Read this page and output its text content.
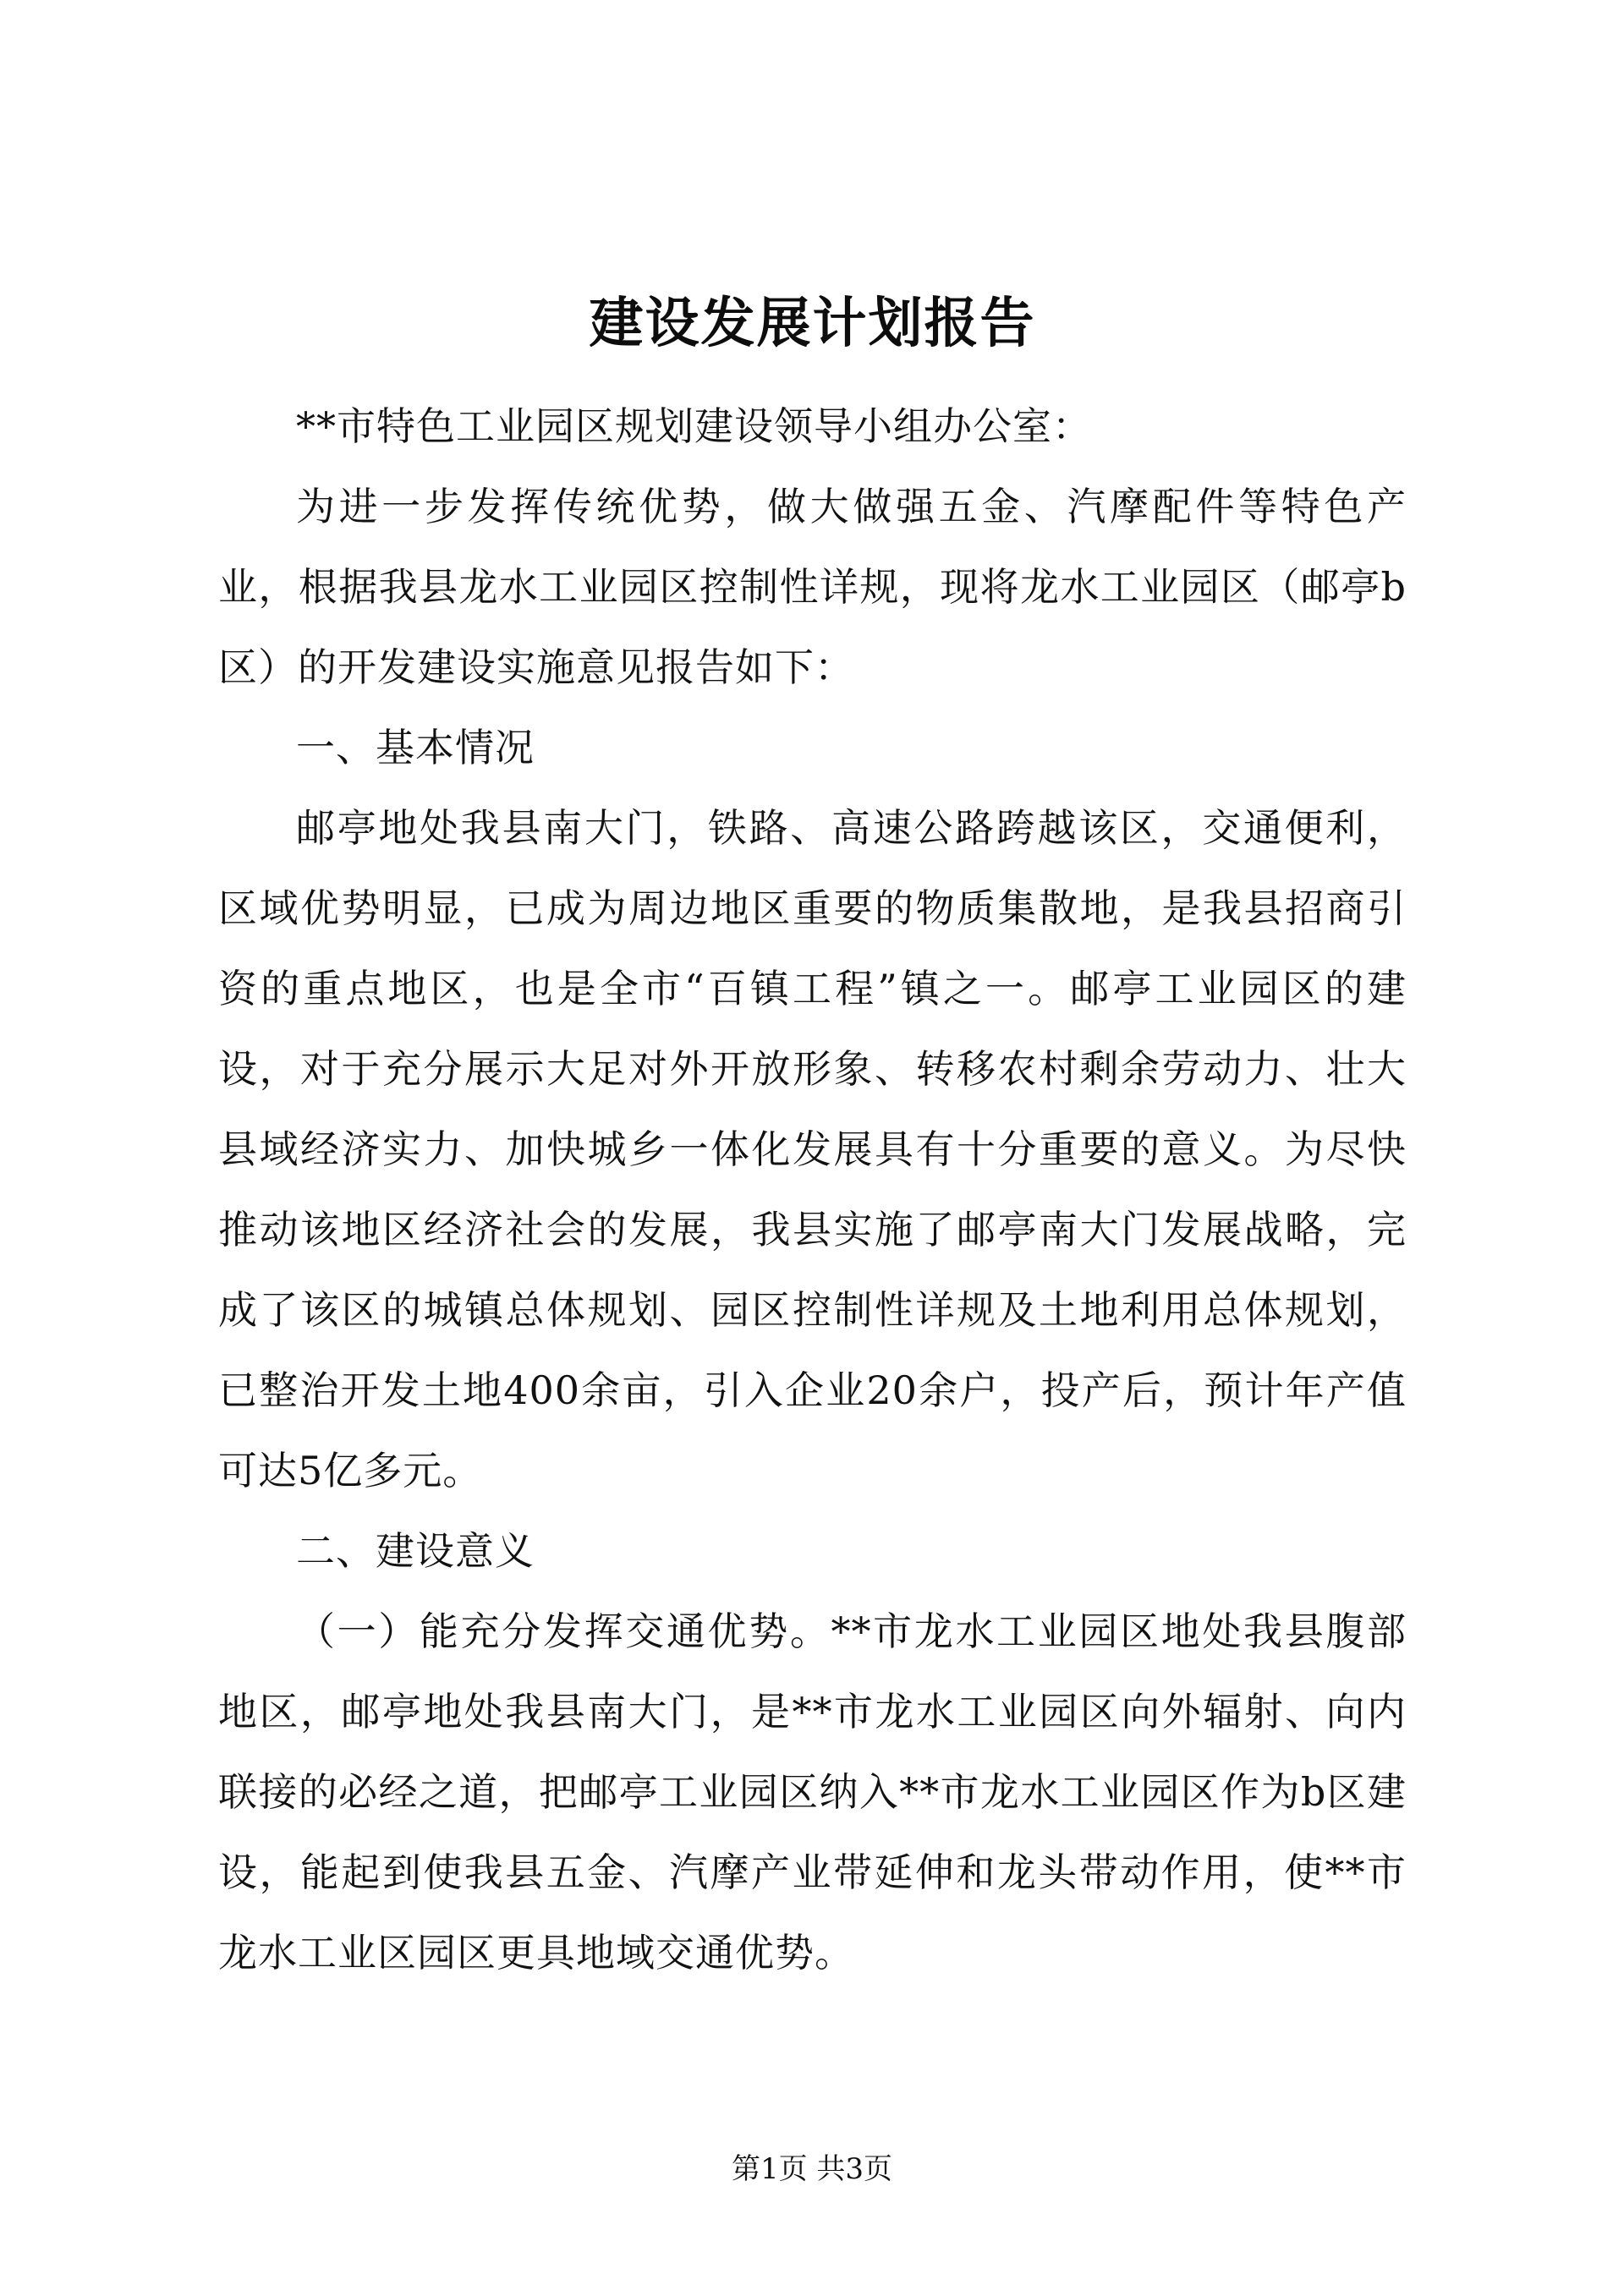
建设发展计划报告

**市特色工业园区规划建设领导小组办公室：

为进一步发挥传统优势，做大做强五金、汽摩配件等特色产业，根据我县龙水工业园区控制性详规，现将龙水工业园区（邮亭b区）的开发建设实施意见报告如下：

一、基本情况

邮亭地处我县南大门，铁路、高速公路跨越该区，交通便利，区域优势明显，已成为周边地区重要的物质集散地，是我县招商引资的重点地区，也是全市“百镇工程”镇之一。邮亭工业园区的建设，对于充分展示大足对外开放形象、转移农村剩余劳动力、壮大县域经济实力、加快城乡一体化发展具有十分重要的意义。为尽快推动该地区经济社会的发展，我县实施了邮亭南大门发展战略，完成了该区的城镇总体规划、园区控制性详规及土地利用总体规划，已整治开发土地400余亩，引入企业20余户，投产后，预计年产值可达5亿多元。

二、建设意义

（一）能充分发挥交通优势。**市龙水工业园区地处我县腹部地区，邮亭地处我县南大门，是**市龙水工业园区向外辐射、向内联接的必经之道，把邮亭工业园区纳入**市龙水工业园区作为b区建设，能起到使我县五金、汽摩产业带延伸和龙头带动作用，使**市龙水工业区园区更具地域交通优势。

第1页 共3页
